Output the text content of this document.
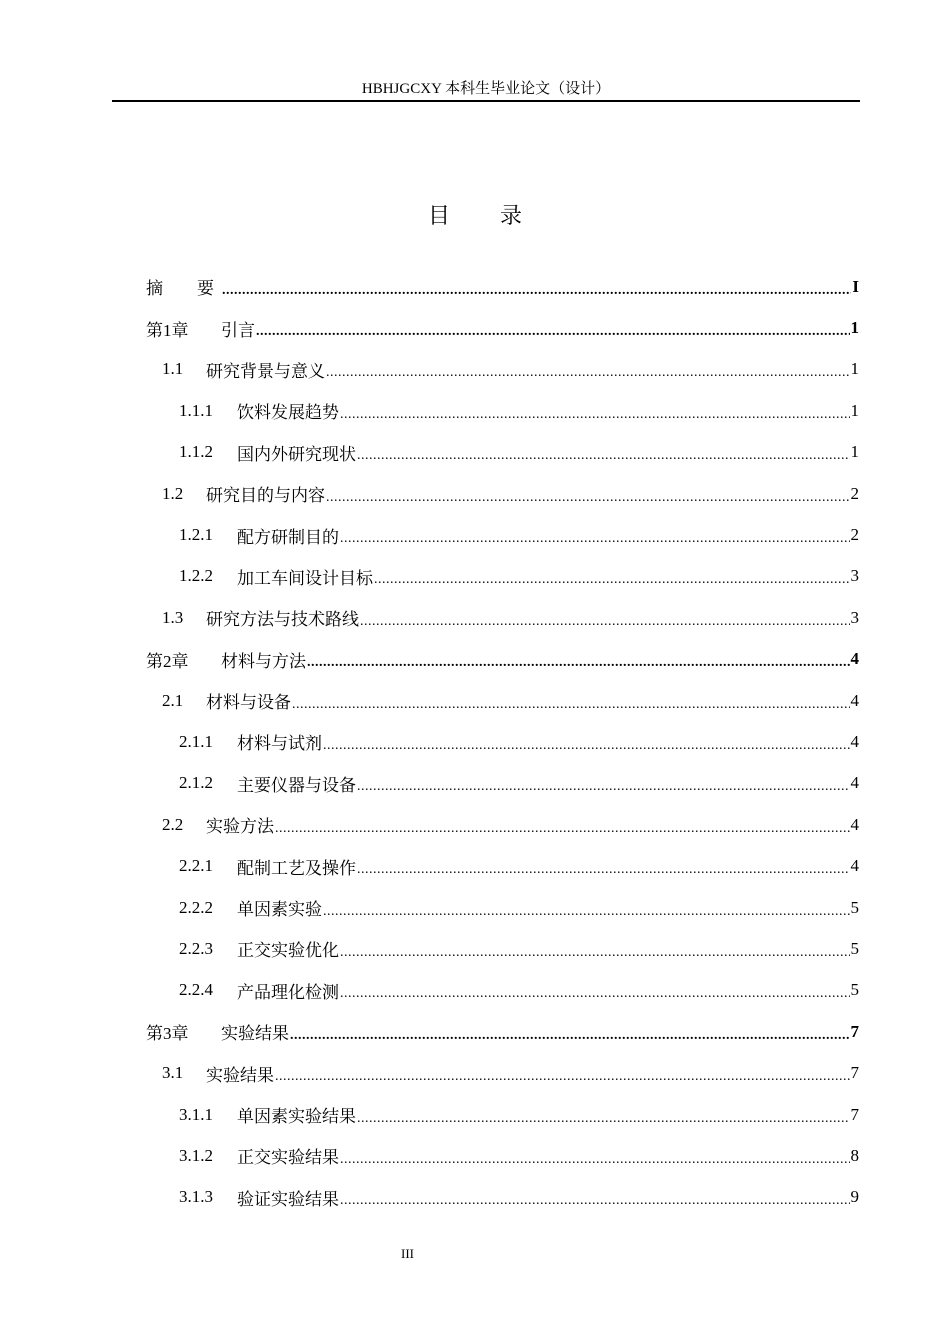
HBHJGCXY 本科生毕业论文（设计）
目 录
摘　　要 .....	I
第1章	引言 .....	1
1.1	研究背景与意义 .....	1
1.1.1	饮料发展趋势 .....	1
1.1.2	国内外研究现状 .....	1
1.2	研究目的与内容 .....	2
1.2.1	配方研制目的 .....	2
1.2.2	加工车间设计目标 .....	3
1.3	研究方法与技术路线 .....	3
第2章	材料与方法 .....	4
2.1	材料与设备 .....	4
2.1.1	材料与试剂 .....	4
2.1.2	主要仪器与设备 .....	4
2.2	实验方法 .....	4
2.2.1	配制工艺及操作 .....	4
2.2.2	单因素实验 .....	5
2.2.3	正交实验优化 .....	5
2.2.4	产品理化检测 .....	5
第3章	实验结果 .....	7
3.1	实验结果 .....	7
3.1.1	单因素实验结果 .....	7
3.1.2	正交实验结果 .....	8
3.1.3	验证实验结果 .....	9
III
